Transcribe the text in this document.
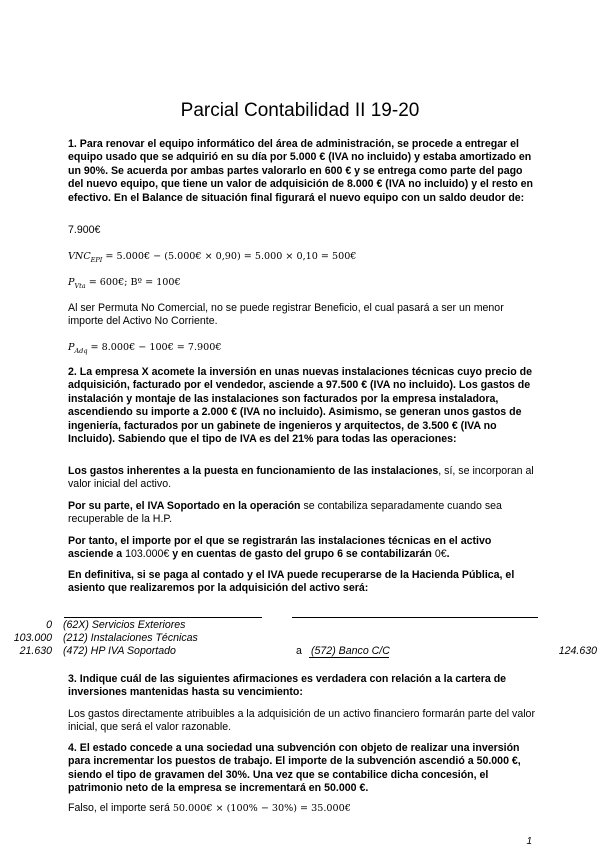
Parcial Contabilidad II 19-20
1. Para renovar el equipo informático del área de administración, se procede a entregar el equipo usado que se adquirió en su día por 5.000 € (IVA no incluido) y estaba amortizado en un 90%. Se acuerda por ambas partes valorarlo en 600 € y se entrega como parte del pago del nuevo equipo, que tiene un valor de adquisición de 8.000 € (IVA no incluido) y el resto en efectivo. En el Balance de situación final figurará el nuevo equipo con un saldo deudor de:
7.900€
$VNC_{EPI}$ = 5.000€ − (5.000€ × 0,90) = 5.000 × 0,10 = 500€
$P_{Vta}$ = 600€; Bº = 100€
Al ser Permuta No Comercial, no se puede registrar Beneficio, el cual pasará a ser un menor importe del Activo No Corriente.
$P_{Adq}$ = 8.000€ − 100€ = 7.900€
2. La empresa X acomete la inversión en unas nuevas instalaciones técnicas cuyo precio de adquisición, facturado por el vendedor, asciende a 97.500 € (IVA no incluido). Los gastos de instalación y montaje de las instalaciones son facturados por la empresa instaladora, ascendiendo su importe a 2.000 € (IVA no incluido). Asimismo, se generan unos gastos de ingeniería, facturados por un gabinete de ingenieros y arquitectos, de 3.500 € (IVA no Incluido). Sabiendo que el tipo de IVA es del 21% para todas las operaciones:
Los gastos inherentes a la puesta en funcionamiento de las instalaciones, sí, se incorporan al valor inicial del activo.
Por su parte, el IVA Soportado en la operación se contabiliza separadamente cuando sea recuperable de la H.P.
Por tanto, el importe por el que se registrarán las instalaciones técnicas en el activo asciende a 103.000€ y en cuentas de gasto del grupo 6 se contabilizarán 0€.
En definitiva, si se paga al contado y el IVA puede recuperarse de la Hacienda Pública, el asiento que realizaremos por la adquisición del activo será:
0 (62X) Servicios Exteriores
103.000 (212) Instalaciones Técnicas
21.630 (472) HP IVA Soportado	a (572) Banco C/C	124.630
3. Indique cuál de las siguientes afirmaciones es verdadera con relación a la cartera de inversiones mantenidas hasta su vencimiento:
Los gastos directamente atribuibles a la adquisición de un activo financiero formarán parte del valor inicial, que será el valor razonable.
4. El estado concede a una sociedad una subvención con objeto de realizar una inversión para incrementar los puestos de trabajo. El importe de la subvención ascendió a 50.000 €, siendo el tipo de gravamen del 30%. Una vez que se contabilice dicha concesión, el patrimonio neto de la empresa se incrementará en 50.000 €.
Falso, el importe será 50.000€ × (100% − 30%) = 35.000€
1
